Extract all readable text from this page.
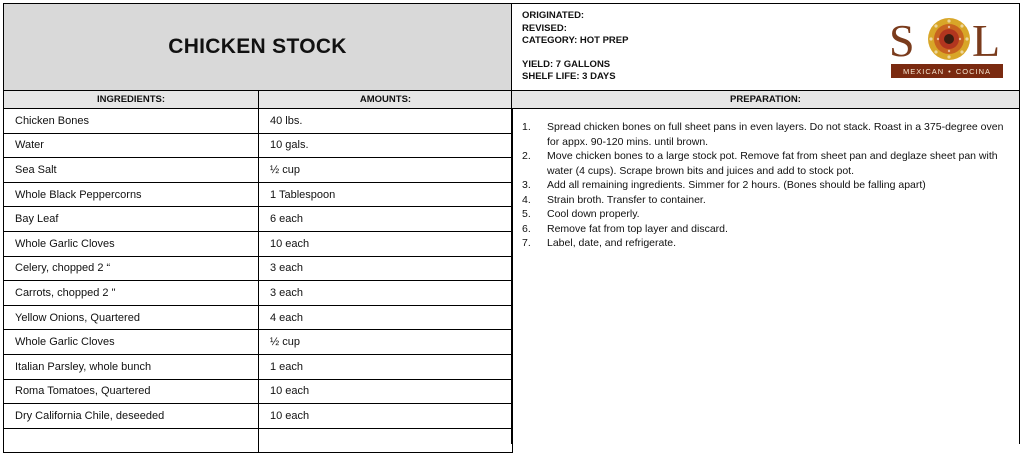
CHICKEN STOCK
ORIGINATED:
REVISED:
CATEGORY: HOT PREP
YIELD: 7 GALLONS
SHELF LIFE: 3 DAYS
S L
MEXICAN • COCINA
INGREDIENTS:	AMOUNTS:
Chicken Bones	40 lbs.
Water	10 gals.
Sea Salt	½ cup
Whole Black Peppercorns	1 Tablespoon
Bay Leaf	6 each
Whole Garlic Cloves	10 each
Celery, chopped 2 “	3 each
Carrots, chopped 2 "	3 each
Yellow Onions, Quartered	4 each
Whole Garlic Cloves	½ cup
Italian Parsley, whole bunch	1 each
Roma Tomatoes, Quartered	10 each
Dry California Chile, deseeded	10 each

PREPARATION:
1. Spread chicken bones on full sheet pans in even layers. Do not stack. Roast in a 375-degree oven for appx. 90-120 mins. until brown.
2. Move chicken bones to a large stock pot. Remove fat from sheet pan and deglaze sheet pan with water (4 cups). Scrape brown bits and juices and add to stock pot.
3. Add all remaining ingredients. Simmer for 2 hours. (Bones should be falling apart)
4. Strain broth. Transfer to container.
5. Cool down properly.
6. Remove fat from top layer and discard.
7. Label, date, and refrigerate.
